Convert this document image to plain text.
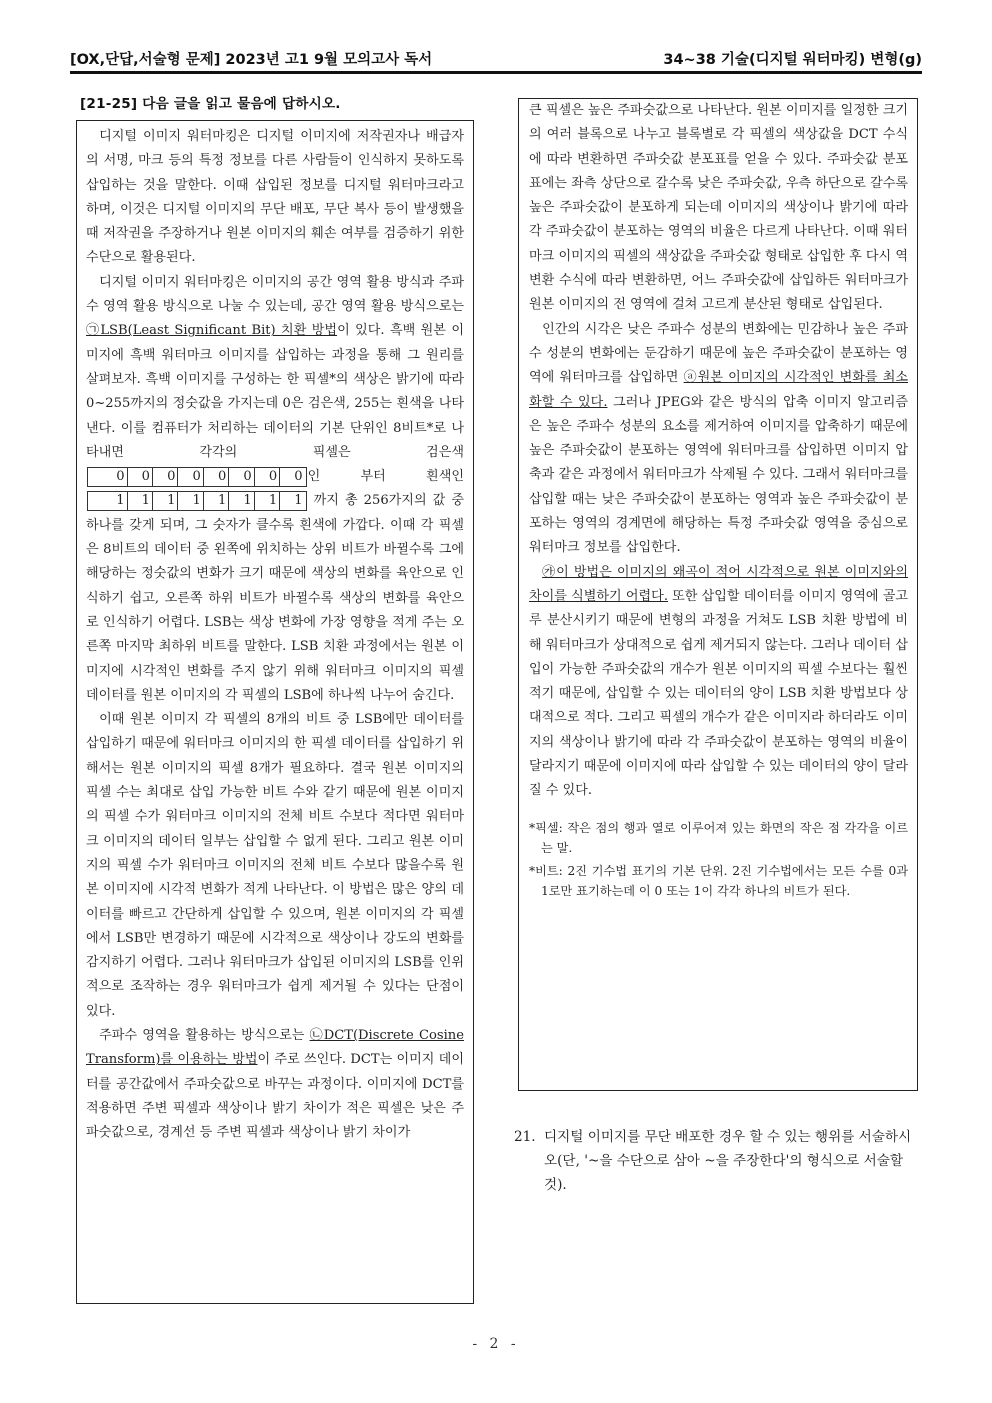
[OX,단답,서술형 문제] 2023년 고1 9월 모의고사 독서	34~38 기술(디지털 워터마킹) 변형(g)
[21-25] 다음 글을 읽고 물음에 답하시오.

디지털 이미지 워터마킹은 디지털 이미지에 저작권자나 배급자의 서명, 마크 등의 특정 정보를 다른 사람들이 인식하지 못하도록 삽입하는 것을 말한다. 이때 삽입된 정보를 디지털 워터마크라고 하며, 이것은 디지털 이미지의 무단 배포, 무단 복사 등이 발생했을 때 저작권을 주장하거나 원본 이미지의 훼손 여부를 검증하기 위한 수단으로 활용된다.

디지털 이미지 워터마킹은 이미지의 공간 영역 활용 방식과 주파수 영역 활용 방식으로 나눌 수 있는데, 공간 영역 활용 방식으로는 ㉠LSB(Least Significant Bit) 치환 방법이 있다. 흑백 원본 이미지에 흑백 워터마크 이미지를 삽입하는 과정을 통해 그 원리를 살펴보자. 흑백 이미지를 구성하는 한 픽셀*의 색상은 밝기에 따라 0~255까지의 정숫값을 가지는데 0은 검은색, 255는 흰색을 나타낸다. 이를 컴퓨터가 처리하는 데이터의 기본 단위인 8비트*로 나타내면 각각의 픽셀은 검은색 0 0 0 0 0 0 0 0 인 부터 흰색인 1 1 1 1 1 1 1 1 까지 총 256가지의 값 중 하나를 갖게 되며, 그 숫자가 클수록 흰색에 가깝다. 이때 각 픽셀은 8비트의 데이터 중 왼쪽에 위치하는 상위 비트가 바뀔수록 그에 해당하는 정숫값의 변화가 크기 때문에 색상의 변화를 육안으로 인식하기 쉽고, 오른쪽 하위 비트가 바뀔수록 색상의 변화를 육안으로 인식하기 어렵다. LSB는 색상 변화에 가장 영향을 적게 주는 오른쪽 마지막 최하위 비트를 말한다. LSB 치환 과정에서는 원본 이미지에 시각적인 변화를 주지 않기 위해 워터마크 이미지의 픽셀 데이터를 원본 이미지의 각 픽셀의 LSB에 하나씩 나누어 숨긴다.

이때 원본 이미지 각 픽셀의 8개의 비트 중 LSB에만 데이터를 삽입하기 때문에 워터마크 이미지의 한 픽셀 데이터를 삽입하기 위해서는 원본 이미지의 픽셀 8개가 필요하다. 결국 원본 이미지의 픽셀 수는 최대로 삽입 가능한 비트 수와 같기 때문에 원본 이미지의 픽셀 수가 워터마크 이미지의 전체 비트 수보다 적다면 워터마크 이미지의 데이터 일부는 삽입할 수 없게 된다. 그리고 원본 이미지의 픽셀 수가 워터마크 이미지의 전체 비트 수보다 많을수록 원본 이미지에 시각적 변화가 적게 나타난다. 이 방법은 많은 양의 데이터를 빠르고 간단하게 삽입할 수 있으며, 원본 이미지의 각 픽셀에서 LSB만 변경하기 때문에 시각적으로 색상이나 강도의 변화를 감지하기 어렵다. 그러나 워터마크가 삽입된 이미지의 LSB를 인위적으로 조작하는 경우 워터마크가 쉽게 제거될 수 있다는 단점이 있다.

주파수 영역을 활용하는 방식으로는 ㉡DCT(Discrete Cosine Transform)를 이용하는 방법이 주로 쓰인다. DCT는 이미지 데이터를 공간값에서 주파숫값으로 바꾸는 과정이다. 이미지에 DCT를 적용하면 주변 픽셀과 색상이나 밝기 차이가 적은 픽셀은 낮은 주파숫값으로, 경계선 등 주변 픽셀과 색상이나 밝기 차이가

큰 픽셀은 높은 주파숫값으로 나타난다. 원본 이미지를 일정한 크기의 여러 블록으로 나누고 블록별로 각 픽셀의 색상값을 DCT 수식에 따라 변환하면 주파숫값 분포표를 얻을 수 있다. 주파숫값 분포표에는 좌측 상단으로 갈수록 낮은 주파숫값, 우측 하단으로 갈수록 높은 주파숫값이 분포하게 되는데 이미지의 색상이나 밝기에 따라 각 주파숫값이 분포하는 영역의 비율은 다르게 나타난다. 이때 워터마크 이미지의 픽셀의 색상값을 주파숫값 형태로 삽입한 후 다시 역변환 수식에 따라 변환하면, 어느 주파숫값에 삽입하든 워터마크가 원본 이미지의 전 영역에 걸쳐 고르게 분산된 형태로 삽입된다.

인간의 시각은 낮은 주파수 성분의 변화에는 민감하나 높은 주파수 성분의 변화에는 둔감하기 때문에 높은 주파숫값이 분포하는 영역에 워터마크를 삽입하면 ⓐ원본 이미지의 시각적인 변화를 최소화할 수 있다. 그러나 JPEG와 같은 방식의 압축 이미지 알고리즘은 높은 주파수 성분의 요소를 제거하여 이미지를 압축하기 때문에 높은 주파숫값이 분포하는 영역에 워터마크를 삽입하면 이미지 압축과 같은 과정에서 워터마크가 삭제될 수 있다. 그래서 워터마크를 삽입할 때는 낮은 주파숫값이 분포하는 영역과 높은 주파숫값이 분포하는 영역의 경계면에 해당하는 특정 주파숫값 영역을 중심으로 워터마크 정보를 삽입한다.

㉮이 방법은 이미지의 왜곡이 적어 시각적으로 원본 이미지와의 차이를 식별하기 어렵다. 또한 삽입할 데이터를 이미지 영역에 골고루 분산시키기 때문에 변형의 과정을 거쳐도 LSB 치환 방법에 비해 워터마크가 상대적으로 쉽게 제거되지 않는다. 그러나 데이터 삽입이 가능한 주파숫값의 개수가 원본 이미지의 픽셀 수보다는 훨씬 적기 때문에, 삽입할 수 있는 데이터의 양이 LSB 치환 방법보다 상대적으로 적다. 그리고 픽셀의 개수가 같은 이미지라 하더라도 이미지의 색상이나 밝기에 따라 각 주파숫값이 분포하는 영역의 비율이 달라지기 때문에 이미지에 따라 삽입할 수 있는 데이터의 양이 달라질 수 있다.

*픽셀: 작은 점의 행과 열로 이루어져 있는 화면의 작은 점 각각을 이르는 말.
*비트: 2진 기수법 표기의 기본 단위. 2진 기수법에서는 모든 수를 0과 1로만 표기하는데 이 0 또는 1이 각각 하나의 비트가 된다.
21. 디지털 이미지를 무단 배포한 경우 할 수 있는 행위를 서술하시오(단, '~을 수단으로 삼아 ~을 주장한다'의 형식으로 서술할 것).
- 2 -
